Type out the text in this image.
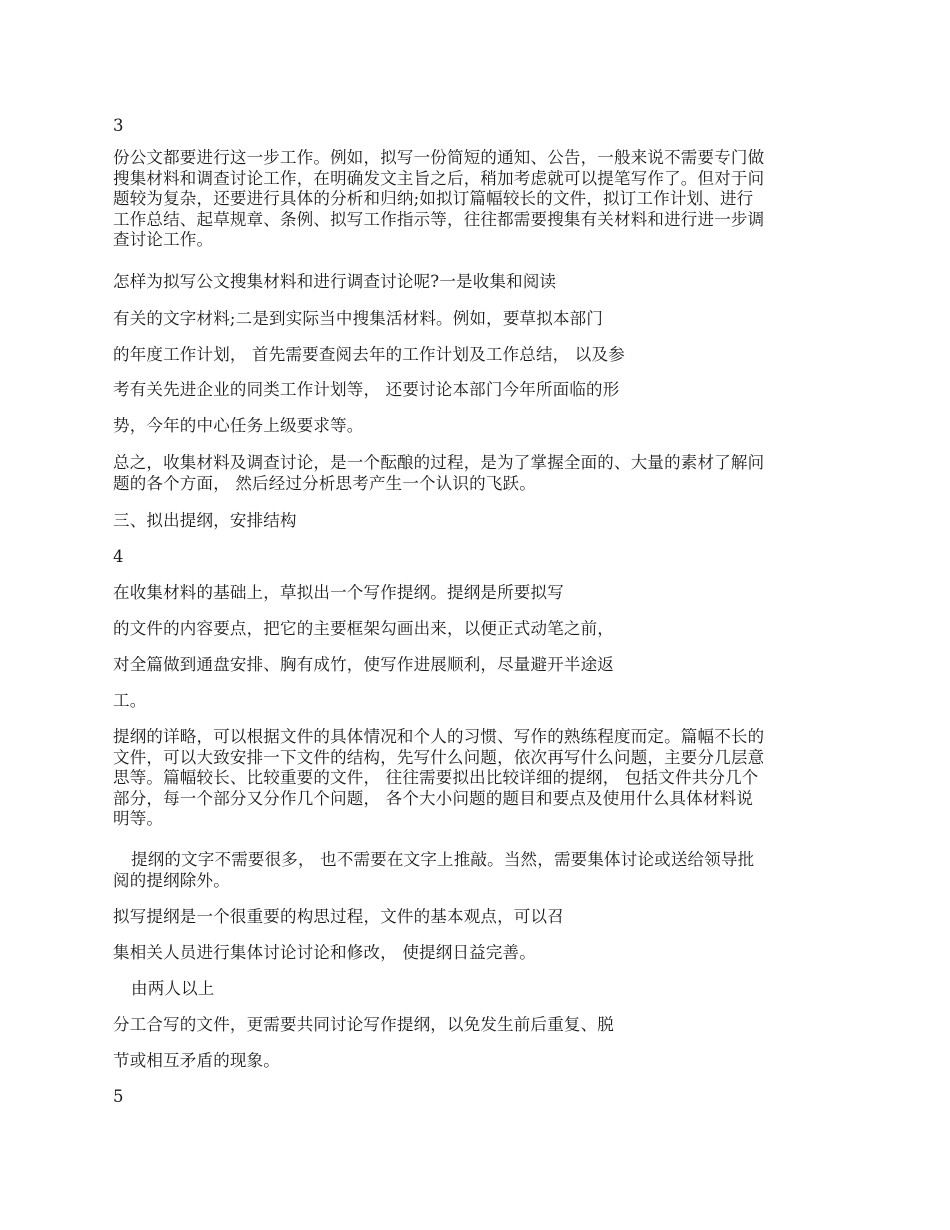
3

份公文都要进行这一步工作。例如，拟写一份简短的通知、公告，一般来说不需要专门做
搜集材料和调查讨论工作，在明确发文主旨之后，稍加考虑就可以提笔写作了。但对于问
题较为复杂，还要进行具体的分析和归纳;如拟订篇幅较长的文件，拟订工作计划、进行
工作总结、起草规章、条例、拟写工作指示等，往往都需要搜集有关材料和进行进一步调
查讨论工作。

怎样为拟写公文搜集材料和进行调查讨论呢?一是收集和阅读

有关的文字材料;二是到实际当中搜集活材料。例如，要草拟本部门

的年度工作计划， 首先需要查阅去年的工作计划及工作总结， 以及参

考有关先进企业的同类工作计划等， 还要讨论本部门今年所面临的形

势，今年的中心任务上级要求等。

总之，收集材料及调查讨论，是一个酝酿的过程，是为了掌握全面的、大量的素材了解问
题的各个方面， 然后经过分析思考产生一个认识的飞跃。

三、拟出提纲，安排结构

4

在收集材料的基础上，草拟出一个写作提纲。提纲是所要拟写

的文件的内容要点，把它的主要框架勾画出来，以便正式动笔之前，

对全篇做到通盘安排、胸有成竹，使写作进展顺利，尽量避开半途返

工。

提纲的详略，可以根据文件的具体情况和个人的习惯、写作的熟练程度而定。篇幅不长的
文件，可以大致安排一下文件的结构，先写什么问题，依次再写什么问题，主要分几层意
思等。篇幅较长、比较重要的文件， 往往需要拟出比较详细的提纲， 包括文件共分几个
部分，每一个部分又分作几个问题， 各个大小问题的题目和要点及使用什么具体材料说
明等。
提纲的文字不需要很多， 也不需要在文字上推敲。当然，需要集体讨论或送给领导批
阅的提纲除外。

拟写提纲是一个很重要的构思过程，文件的基本观点，可以召

集相关人员进行集体讨论讨论和修改， 使提纲日益完善。

由两人以上

分工合写的文件，更需要共同讨论写作提纲，以免发生前后重复、脱

节或相互矛盾的现象。

5
